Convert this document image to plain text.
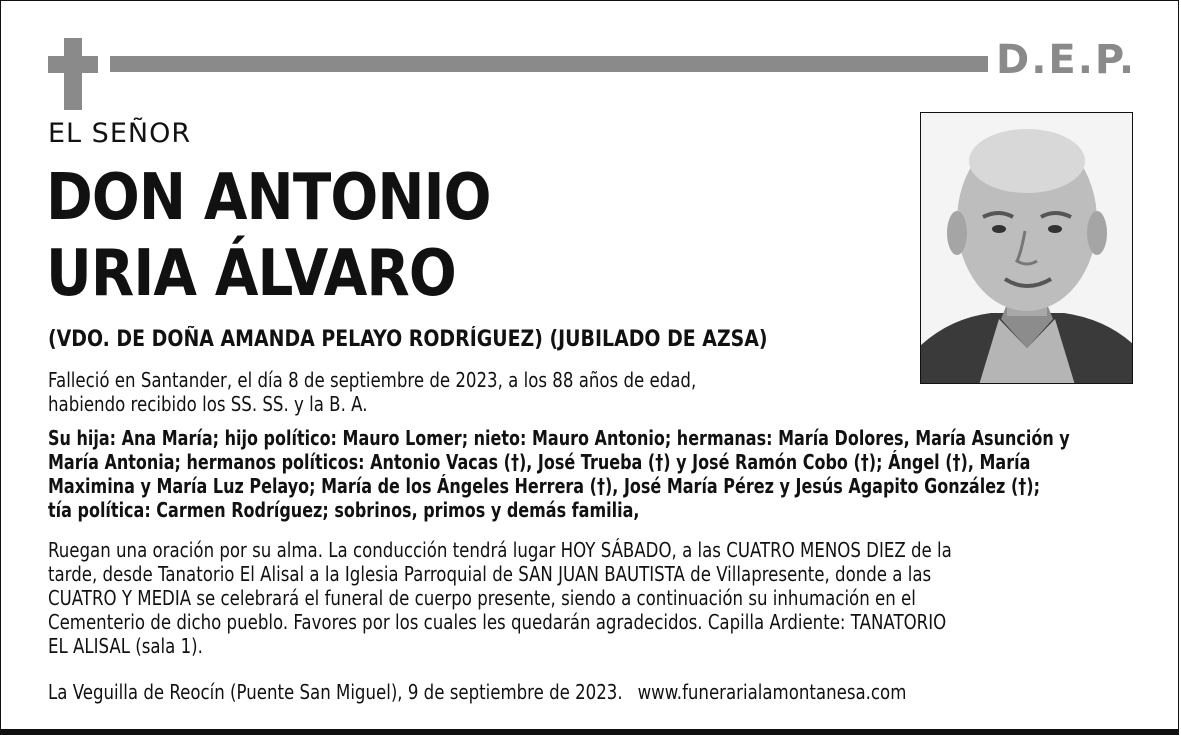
D.E.P.
EL SEÑOR
DON ANTONIO
URIA ÁLVARO
(VDO. DE DOÑA AMANDA PELAYO RODRÍGUEZ) (JUBILADO DE AZSA)
Falleció en Santander, el día 8 de septiembre de 2023, a los 88 años de edad,
habiendo recibido los SS. SS. y la B. A.
Su hija: Ana María; hijo político: Mauro Lomer; nieto: Mauro Antonio; hermanas: María Dolores, María Asunción y
María Antonia; hermanos políticos: Antonio Vacas (†), José Trueba (†) y José Ramón Cobo (†); Ángel (†), María
Maximina y María Luz Pelayo; María de los Ángeles Herrera (†), José María Pérez y Jesús Agapito González (†);
tía política: Carmen Rodríguez; sobrinos, primos y demás familia,
Ruegan una oración por su alma. La conducción tendrá lugar HOY SÁBADO, a las CUATRO MENOS DIEZ de la
tarde, desde Tanatorio El Alisal a la Iglesia Parroquial de SAN JUAN BAUTISTA de Villapresente, donde a las
CUATRO Y MEDIA se celebrará el funeral de cuerpo presente, siendo a continuación su inhumación en el
Cementerio de dicho pueblo. Favores por los cuales les quedarán agradecidos. Capilla Ardiente: TANATORIO
EL ALISAL (sala 1).
La Veguilla de Reocín (Puente San Miguel), 9 de septiembre de 2023. www.funerarialamontanesa.com
